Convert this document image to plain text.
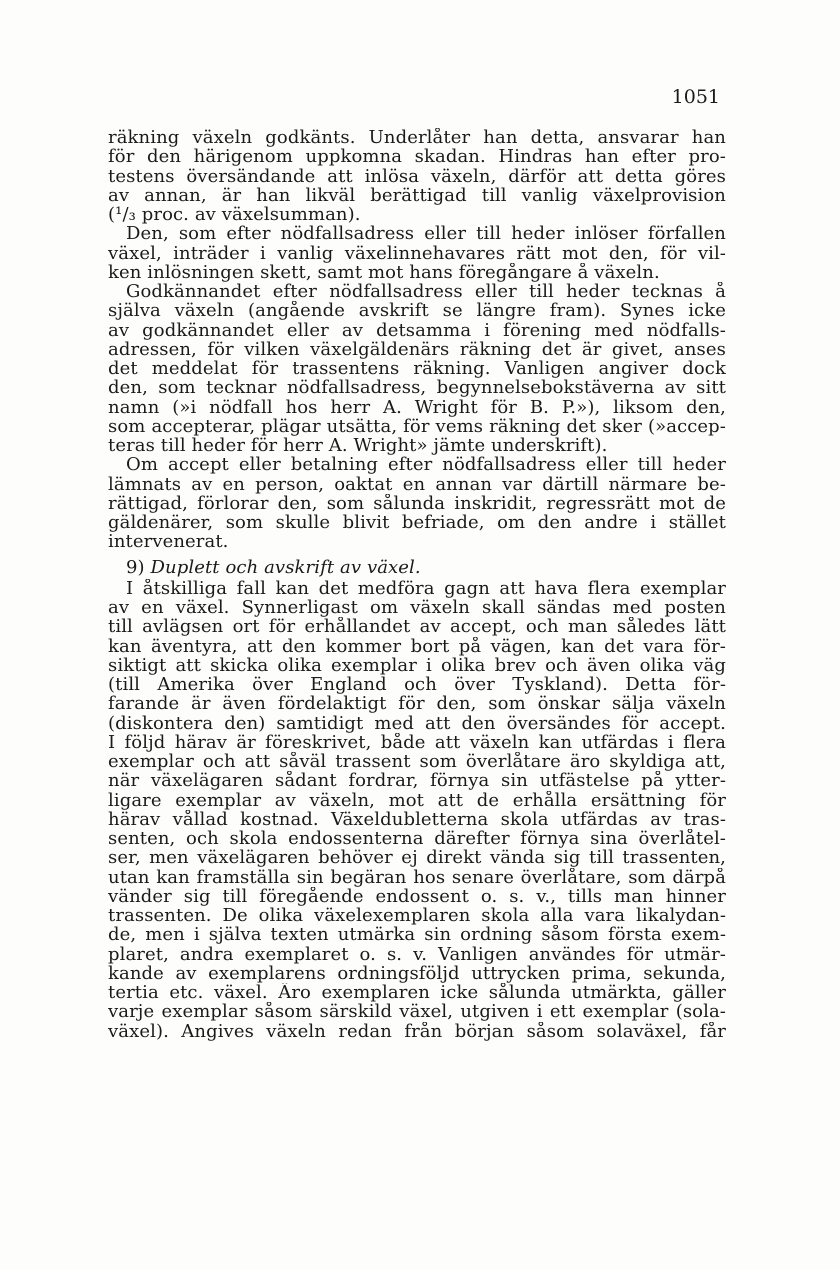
1051
räkning växeln godkänts. Underlåter han detta, ansvarar han
för den härigenom uppkomna skadan. Hindras han efter pro-
testens översändande att inlösa växeln, därför att detta göres
av annan, är han likväl berättigad till vanlig växelprovision
(¹/₃ proc. av växelsumman).
Den, som efter nödfallsadress eller till heder inlöser förfallen
växel, inträder i vanlig växelinnehavares rätt mot den, för vil-
ken inlösningen skett, samt mot hans föregångare å växeln.
Godkännandet efter nödfallsadress eller till heder tecknas å
själva växeln (angående avskrift se längre fram). Synes icke
av godkännandet eller av detsamma i förening med nödfalls-
adressen, för vilken växelgäldenärs räkning det är givet, anses
det meddelat för trassentens räkning. Vanligen angiver dock
den, som tecknar nödfallsadress, begynnelsebokstäverna av sitt
namn (»i nödfall hos herr A. Wright för B. P.»), liksom den,
som accepterar, plägar utsätta, för vems räkning det sker (»accep-
teras till heder för herr A. Wright» jämte underskrift).
Om accept eller betalning efter nödfallsadress eller till heder
lämnats av en person, oaktat en annan var därtill närmare be-
rättigad, förlorar den, som sålunda inskridit, regressrätt mot de
gäldenärer, som skulle blivit befriade, om den andre i stället
intervenerat.
9) Duplett och avskrift av växel.
I åtskilliga fall kan det medföra gagn att hava flera exemplar
av en växel. Synnerligast om växeln skall sändas med posten
till avlägsen ort för erhållandet av accept, och man således lätt
kan äventyra, att den kommer bort på vägen, kan det vara för-
siktigt att skicka olika exemplar i olika brev och även olika väg
(till Amerika över England och över Tyskland). Detta för-
farande är även fördelaktigt för den, som önskar sälja växeln
(diskontera den) samtidigt med att den översändes för accept.
I följd härav är föreskrivet, både att växeln kan utfärdas i flera
exemplar och att såväl trassent som överlåtare äro skyldiga att,
när växelägaren sådant fordrar, förnya sin utfästelse på ytter-
ligare exemplar av växeln, mot att de erhålla ersättning för
härav vållad kostnad. Växeldubletterna skola utfärdas av tras-
senten, och skola endossenterna därefter förnya sina överlåtel-
ser, men växelägaren behöver ej direkt vända sig till trassenten,
utan kan framställa sin begäran hos senare överlåtare, som därpå
vänder sig till föregående endossent o. s. v., tills man hinner
trassenten. De olika växelexemplaren skola alla vara likalydan-
de, men i själva texten utmärka sin ordning såsom första exem-
plaret, andra exemplaret o. s. v. Vanligen användes för utmär-
kande av exemplarens ordningsföljd uttrycken prima, sekunda,
tertia etc. växel. Äro exemplaren icke sålunda utmärkta, gäller
varje exemplar såsom särskild växel, utgiven i ett exemplar (sola-
växel). Angives växeln redan från början såsom solaväxel, får
